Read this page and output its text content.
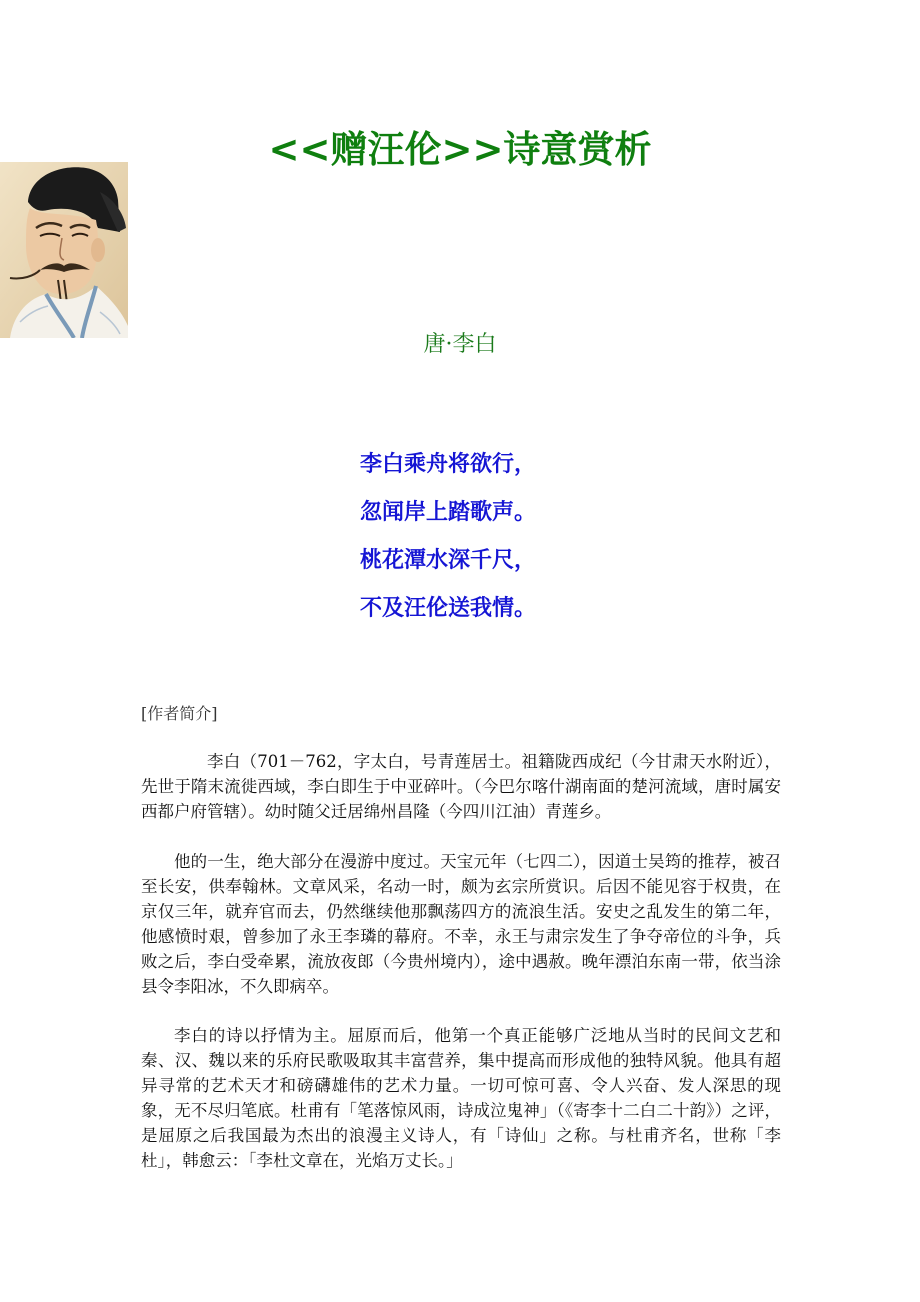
<<赠汪伦>>诗意赏析

唐·李白

李白乘舟将欲行，
忽闻岸上踏歌声。
桃花潭水深千尺，
不及汪伦送我情。

[作者简介]

李白（701－762，字太白，号青莲居士。祖籍陇西成纪（今甘肃天水附近），先世于隋末流徙西域，李白即生于中亚碎叶。（今巴尔喀什湖南面的楚河流域，唐时属安西都户府管辖）。幼时随父迁居绵州昌隆（今四川江油）青莲乡。

他的一生，绝大部分在漫游中度过。天宝元年（七四二），因道士吴筠的推荐，被召至长安，供奉翰林。文章风采，名动一时，颇为玄宗所赏识。后因不能见容于权贵，在京仅三年，就弃官而去，仍然继续他那飘荡四方的流浪生活。安史之乱发生的第二年，他感愤时艰，曾参加了永王李璘的幕府。不幸，永王与肃宗发生了争夺帝位的斗争，兵败之后，李白受牵累，流放夜郎（今贵州境内），途中遇赦。晚年漂泊东南一带，依当涂县令李阳冰，不久即病卒。

李白的诗以抒情为主。屈原而后，他第一个真正能够广泛地从当时的民间文艺和秦、汉、魏以来的乐府民歌吸取其丰富营养，集中提高而形成他的独特风貌。他具有超异寻常的艺术天才和磅礴雄伟的艺术力量。一切可惊可喜、令人兴奋、发人深思的现象，无不尽归笔底。杜甫有「笔落惊风雨，诗成泣鬼神」（《寄李十二白二十韵》）之评，是屈原之后我国最为杰出的浪漫主义诗人，有「诗仙」之称。与杜甫齐名，世称「李杜」，韩愈云：「李杜文章在，光焰万丈长。」
